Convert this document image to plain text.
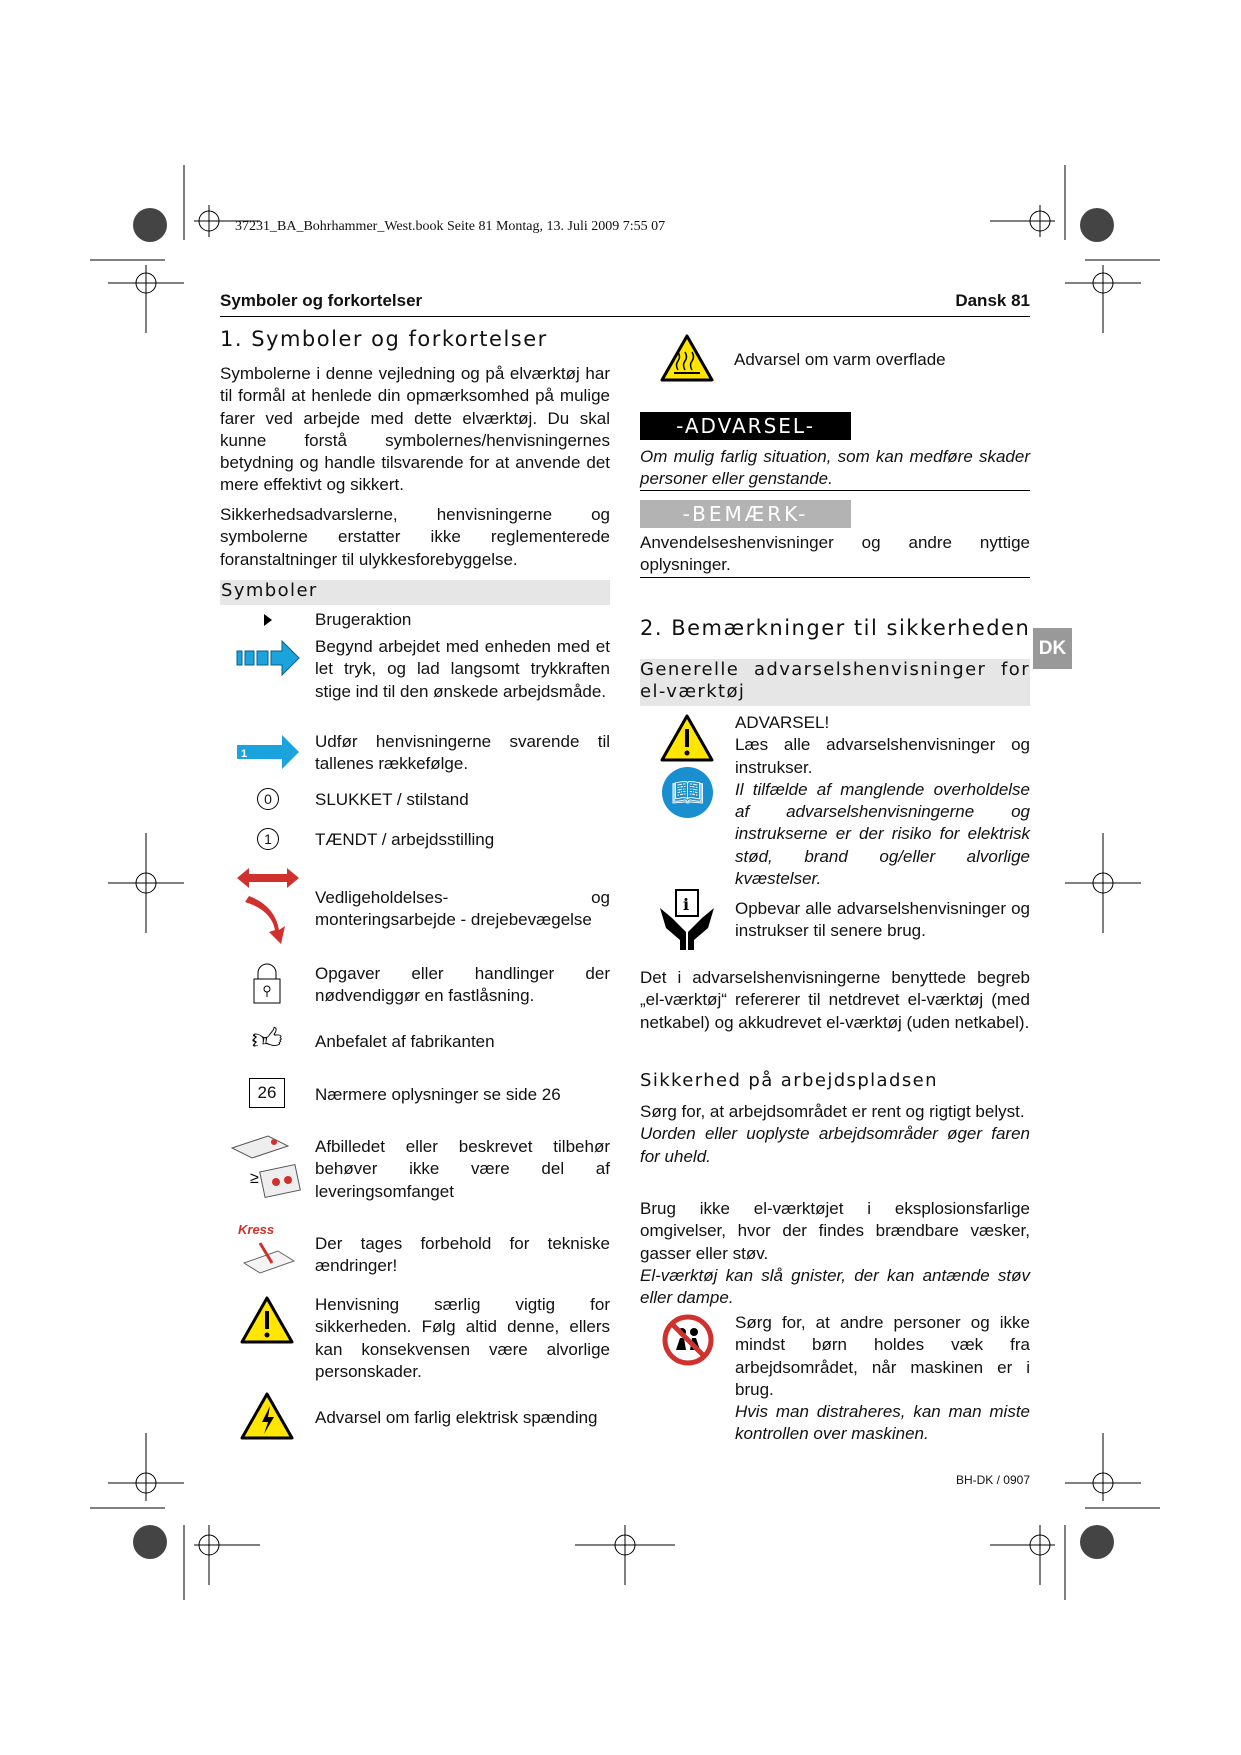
37231_BA_Bohrhammer_West.book Seite 81 Montag, 13. Juli 2009 7:55 07
Symboler og forkortelser	Dansk 81
1. Symboler og forkortelser
Symbolerne i denne vejledning og på elværktøj har til formål at henlede din opmærksomhed på mulige farer ved arbejde med dette elværktøj. Du skal kunne forstå symbolernes/henvisningernes betydning og handle tilsvarende for at anvende det mere effektivt og sikkert.
Sikkerhedsadvarslerne, henvisningerne og symbolerne erstatter ikke reglementerede foranstaltninger til ulykkesforebyggelse.
Symboler
Brugeraktion
Begynd arbejdet med enheden med et let tryk, og lad langsomt trykkraften stige ind til den ønskede arbejdsmåde.
1
Udfør henvisningerne svarende til tallenes rækkefølge.
0	SLUKKET / stilstand
1	TÆNDT / arbejdsstilling
Vedligeholdelses- og monteringsarbejde - drejebevægelse
Opgaver eller handlinger der nødvendiggør en fastlåsning.
👍︎ Anbefalet af fabrikanten
26	Nærmere oplysninger se side 26
≥
Afbilledet eller beskrevet tilbehør behøver ikke være del af leveringsomfanget
Kress
Der tages forbehold for tekniske ændringer!
Henvisning særlig vigtig for sikkerheden. Følg altid denne, ellers kan konsekvensen være alvorlige personskader.
Advarsel om farlig elektrisk spænding
Advarsel om varm overflade
-ADVARSEL-
Om mulig farlig situation, som kan medføre skader personer eller genstande.
-BEMÆRK-
Anvendelseshenvisninger og andre nyttige oplysninger.
2. Bemærkninger til sikkerheden
DK
Generelle advarselshenvisninger for el-værktøj
📖︎
ADVARSEL!
Læs alle advarselshenvisninger og instrukser.
Il tilfælde af manglende overholdelse af advarselshenvisningerne og instrukserne er der risiko for elektrisk stød, brand og/eller alvorlige kvæstelser.
i	Opbevar alle advarselshenvisninger og instrukser til senere brug.
Det i advarselshenvisningerne benyttede begreb „el-værktøj“ refererer til netdrevet el-værktøj (med netkabel) og akkudrevet el-værktøj (uden netkabel).
Sikkerhed på arbejdspladsen
Sørg for, at arbejdsområdet er rent og rigtigt belyst.
Uorden eller uoplyste arbejdsområder øger faren for uheld.
Brug ikke el-værktøjet i eksplosionsfarlige omgivelser, hvor der findes brændbare væsker, gasser eller støv.
El-værktøj kan slå gnister, der kan antænde støv eller dampe.
Sørg for, at andre personer og ikke mindst børn holdes væk fra arbejdsområdet, når maskinen er i brug.
Hvis man distraheres, kan man miste kontrollen over maskinen.
BH-DK / 0907
